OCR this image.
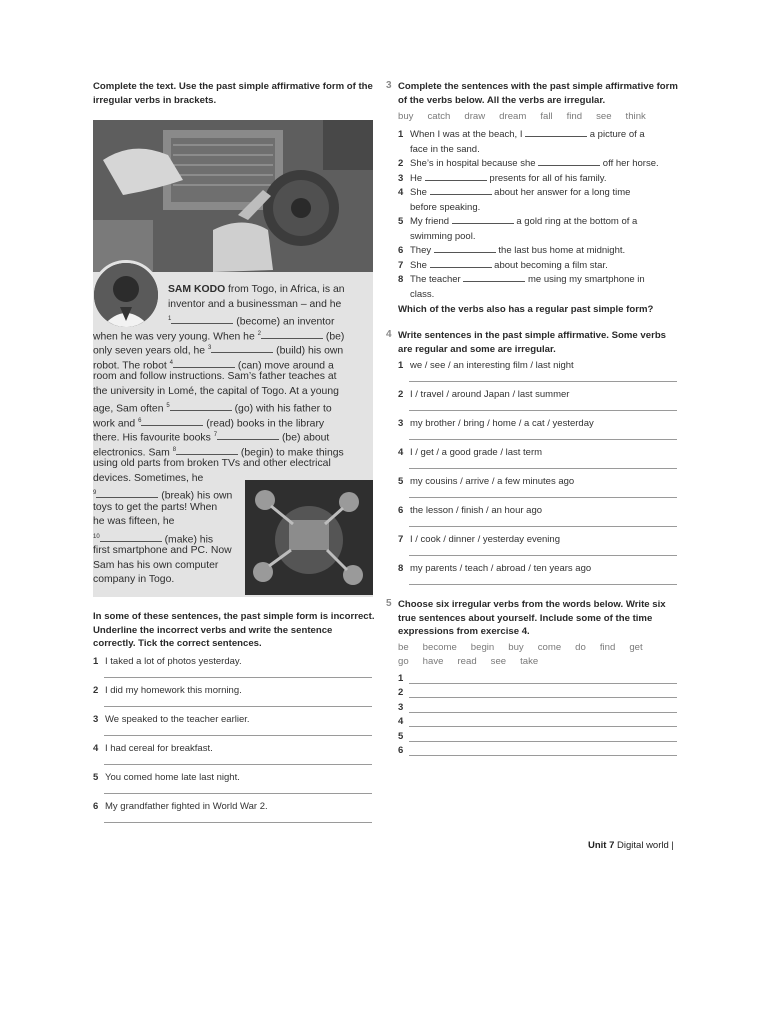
Complete the text. Use the past simple affirmative form of the irregular verbs in brackets.
SAM KODO from Togo, in Africa, is an
inventor and a businessman – and he
$^1$	(become) an inventor
when he was very young. When he $^2$	(be)
only seven years old, he $^3$	(build) his own
robot. The robot $^4$	(can) move around a
room and follow instructions. Sam’s father teaches at
the university in Lomé, the capital of Togo. At a young
age, Sam often $^5$	(go) with his father to
work and $^6$	(read) books in the library
there. His favourite books $^7$	(be) about
electronics. Sam $^8$	(begin) to make things
using old parts from broken TVs and other electrical
devices. Sometimes, he
$^9$	(break) his own
toys to get the parts! When
he was fifteen, he
$^{10}$	(make) his
first smartphone and PC. Now
Sam has his own computer
company in Togo.
In some of these sentences, the past simple form is incorrect. Underline the incorrect verbs and write the sentence correctly. Tick the correct sentences.
1 I taked a lot of photos yesterday.
2 I did my homework this morning.
3 We speaked to the teacher earlier.
4 I had cereal for breakfast.
5 You comed home late last night.
6 My grandfather fighted in World War 2.
3 Complete the sentences with the past simple affirmative form of the verbs below. All the verbs are irregular.
buy   catch   draw   dream   fall   find   see   think
1 When I was at the beach, I	a picture of a
face in the sand.
2 She’s in hospital because she	off her horse.
3 He	presents for all of his family.
4 She	about her answer for a long time
before speaking.
5 My friend	a gold ring at the bottom of a
swimming pool.
6 They	the last bus home at midnight.
7 She	about becoming a film star.
8 The teacher	me using my smartphone in
class.
Which of the verbs also has a regular past simple form?
4 Write sentences in the past simple affirmative. Some verbs are regular and some are irregular.
1 we / see / an interesting film / last night
2 I / travel / around Japan / last summer
3 my brother / bring / home / a cat / yesterday
4 I / get / a good grade / last term
5 my cousins / arrive / a few minutes ago
6 the lesson / finish / an hour ago
7 I / cook / dinner / yesterday evening
8 my parents / teach / abroad / ten years ago
5 Choose six irregular verbs from the words below. Write six true sentences about yourself. Include some of the time expressions from exercise 4.
be   become   begin   buy   come   do   find   get
go   have   read   see   take
1
2
3
4
5
6
Unit 7 Digital world |
